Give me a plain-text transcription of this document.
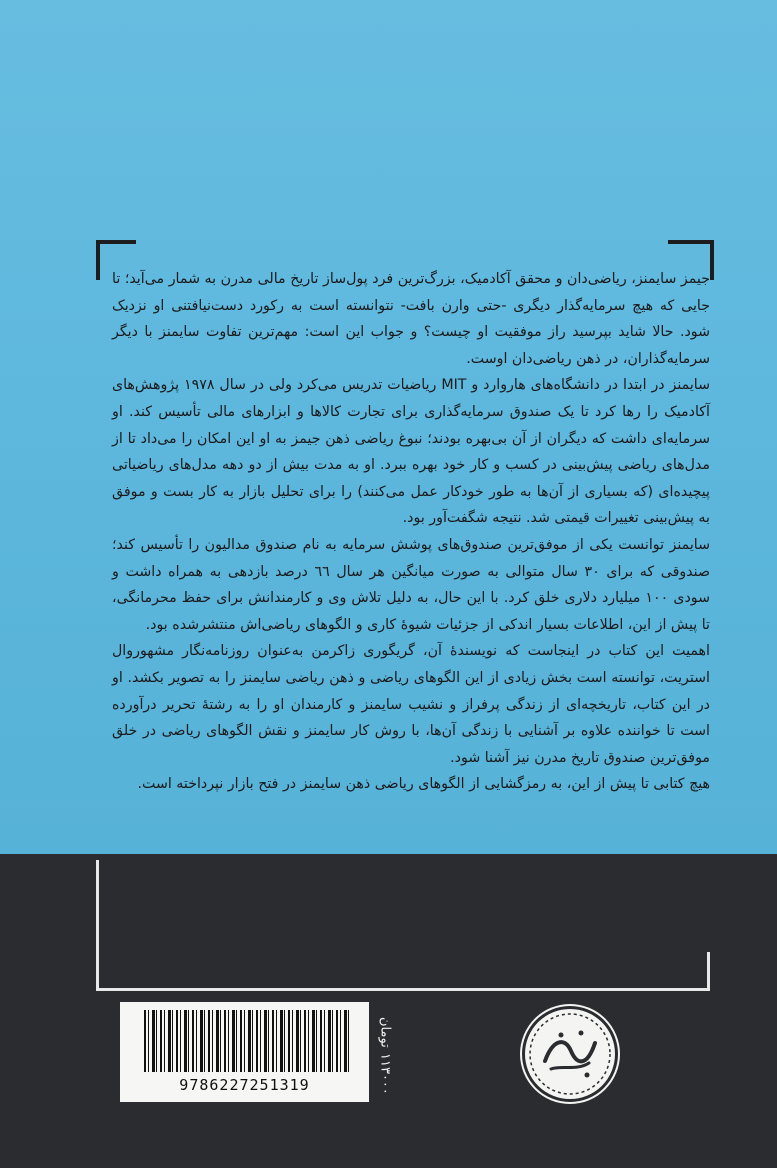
جیمز سایمنز، ریاضی‌دان و محقق آکادمیک، بزرگ‌ترین فرد پول‌ساز تاریخ مالی مدرن به شمار می‌آید؛ تا جایی که هیچ سرمایه‌گذار دیگری -حتی وارن بافت- نتوانسته است به رکورد دست‌نیافتنی او نزدیک شود. حالا شاید بپرسید راز موفقیت او چیست؟ و جواب این است: مهم‌ترین تفاوت سایمنز با دیگر سرمایه‌گذاران، در ذهن ریاضی‌دان اوست.

سایمنز در ابتدا در دانشگاه‌های هاروارد و MIT ریاضیات تدریس می‌کرد ولی در سال ۱۹۷۸ پژوهش‌های آکادمیک را رها کرد تا یک صندوق سرمایه‌گذاری برای تجارت کالاها و ابزارهای مالی تأسیس کند. او سرمایه‌ای داشت که دیگران از آن بی‌بهره بودند؛ نبوغ ریاضی ذهن جیمز به او این امکان را می‌داد تا از مدل‌های ریاضی پیش‌بینی در کسب و کار خود بهره ببرد. او به مدت بیش از دو دهه مدل‌های ریاضیاتی پیچیده‌ای (که بسیاری از آن‌ها به طور خودکار عمل می‌کنند) را برای تحلیل بازار به کار بست و موفق به پیش‌بینی تغییرات قیمتی شد. نتیجه شگفت‌آور بود.

سایمنز توانست یکی از موفق‌ترین صندوق‌های پوشش سرمایه به نام صندوق مدالیون را تأسیس کند؛ صندوقی که برای ۳۰ سال متوالی به صورت میانگین هر سال ٦٦ درصد بازدهی به همراه داشت و سودی ۱۰۰ میلیارد دلاری خلق کرد. با این حال، به دلیل تلاش وی و کارمندانش برای حفظ محرمانگی، تا پیش از این، اطلاعات بسیار اندکی از جزئیات شیوهٔ کاری و الگوهای ریاضی‌اش منتشرشده بود.

اهمیت این کتاب در اینجاست که نویسندهٔ آن، گریگوری زاکرمن به‌عنوان روزنامه‌نگار مشهوروال استریت، توانسته است بخش زیادی از این الگوهای ریاضی و ذهن ریاضی سایمنز را به تصویر بکشد. او در این کتاب، تاریخچه‌ای از زندگی پرفراز و نشیب سایمنز و کارمندان او را به رشتهٔ تحریر درآورده است تا خواننده علاوه بر آشنایی با زندگی آن‌ها، با روش کار سایمنز و نقش الگوهای ریاضی در خلق موفق‌ترین صندوق تاریخ مدرن نیز آشنا شود.

هیچ کتابی تا پیش از این، به رمزگشایی از الگوهای ریاضی ذهن سایمنز در فتح بازار نپرداخته است.

9786227251319	۱۱۳۰۰۰
تومان
